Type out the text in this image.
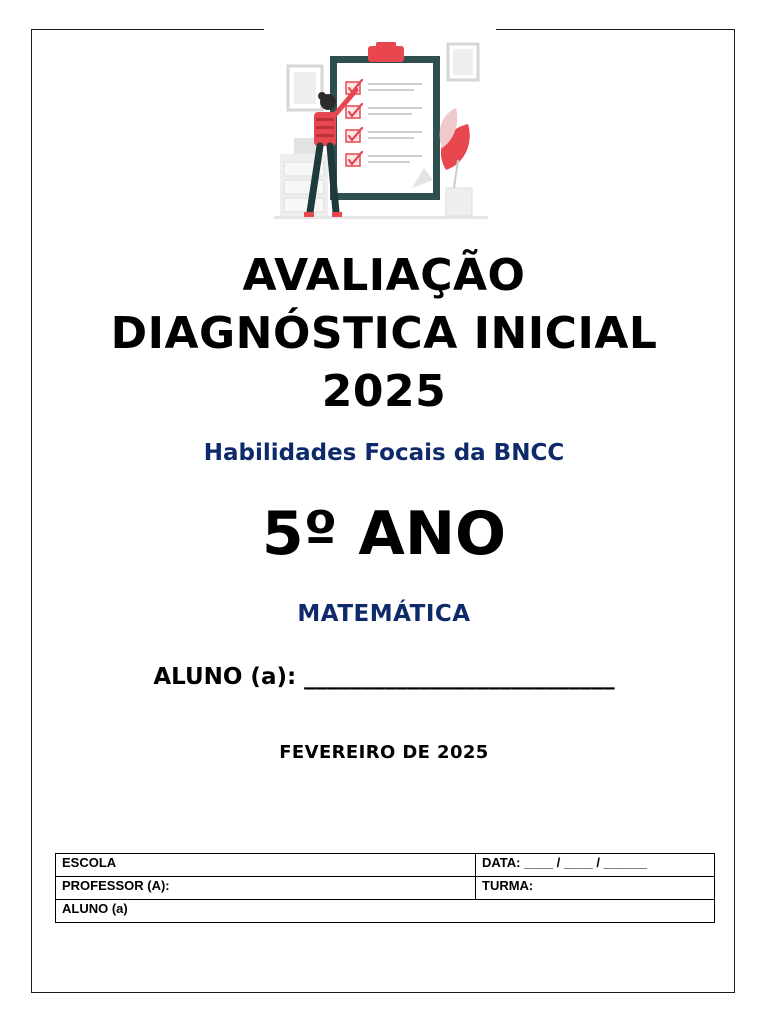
AVALIAÇÃO
DIAGNÓSTICA INICIAL
2025

Habilidades Focais da BNCC

5º ANO

MATEMÁTICA

ALUNO (a): ___________________________

FEVEREIRO DE 2025

ESCOLA	DATA: ____ / ____ / ______
PROFESSOR (A):	TURMA:
ALUNO (a)	
